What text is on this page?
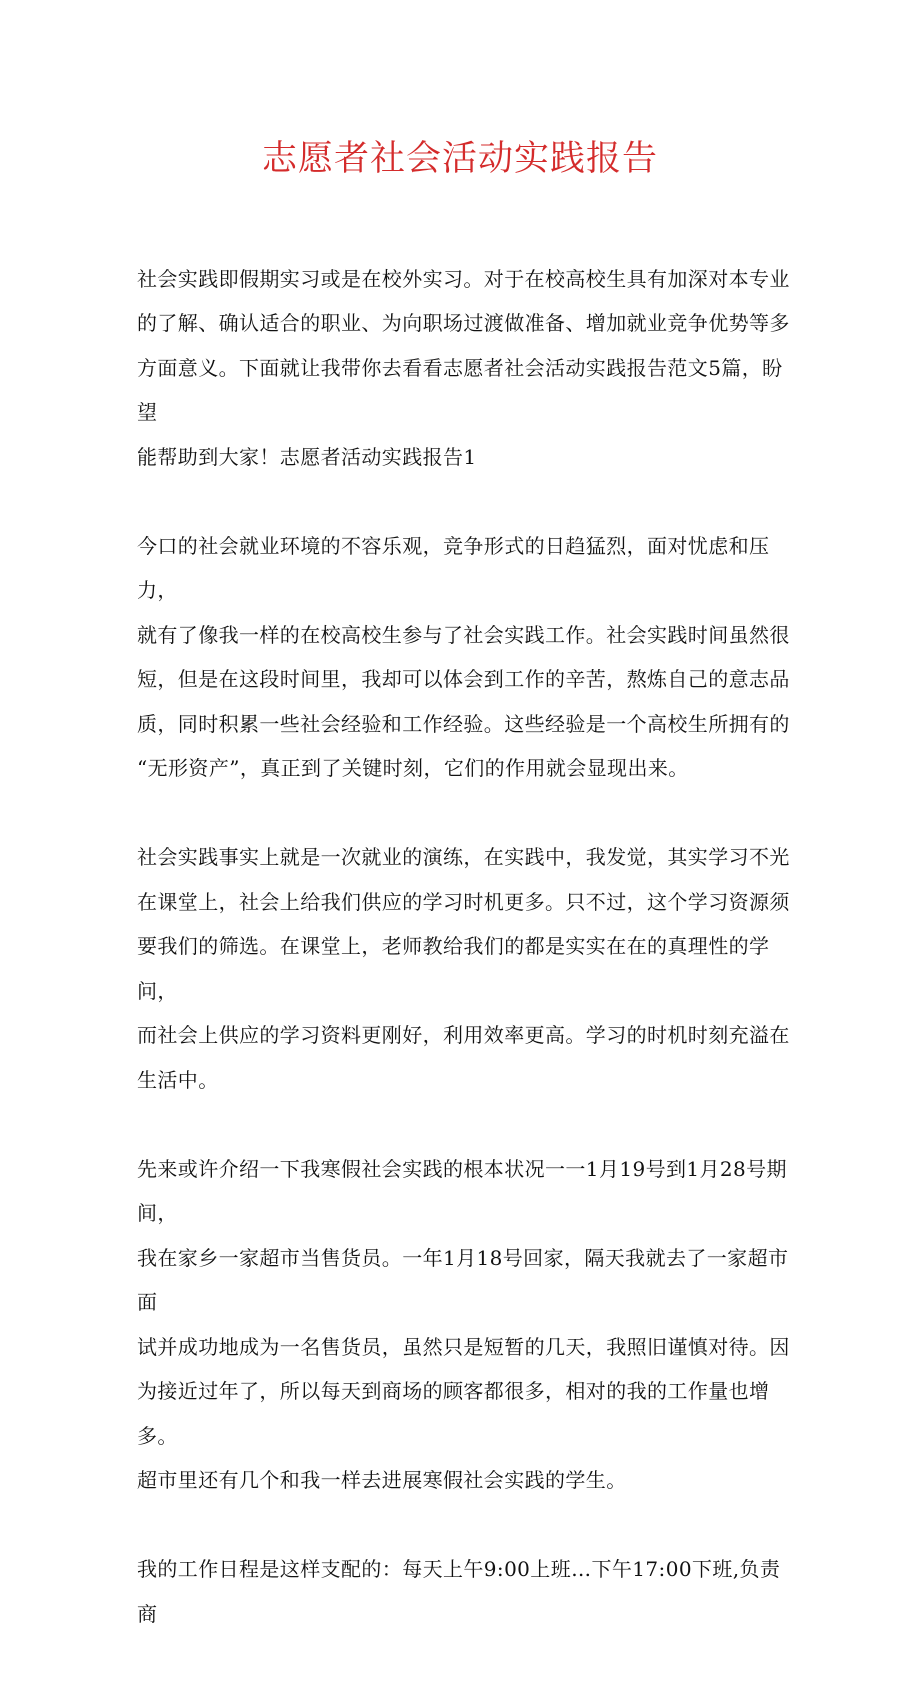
志愿者社会活动实践报告

社会实践即假期实习或是在校外实习。对于在校高校生具有加深对本专业
的了解、确认适合的职业、为向职场过渡做准备、增加就业竞争优势等多
方面意义。下面就让我带你去看看志愿者社会活动实践报告范文5篇，盼望
能帮助到大家！志愿者活动实践报告1

今口的社会就业环境的不容乐观，竞争形式的日趋猛烈，面对忧虑和压力，
就有了像我一样的在校高校生参与了社会实践工作。社会实践时间虽然很
短，但是在这段时间里，我却可以体会到工作的辛苦，熬炼自己的意志品
质，同时积累一些社会经验和工作经验。这些经验是一个高校生所拥有的
“无形资产”，真正到了关键时刻，它们的作用就会显现出来。

社会实践事实上就是一次就业的演练，在实践中，我发觉，其实学习不光
在课堂上，社会上给我们供应的学习时机更多。只不过，这个学习资源须
要我们的筛选。在课堂上，老师教给我们的都是实实在在的真理性的学问，
而社会上供应的学习资料更刚好，利用效率更高。学习的时机时刻充溢在
生活中。

先来或许介绍一下我寒假社会实践的根本状况一一1月19号到1月28号期间，
我在家乡一家超市当售货员。一年1月18号回家，隔天我就去了一家超市面
试并成功地成为一名售货员，虽然只是短暂的几天，我照旧谨慎对待。因
为接近过年了，所以每天到商场的顾客都很多，相对的我的工作量也增多。
超市里还有几个和我一样去进展寒假社会实践的学生。

我的工作日程是这样支配的：每天上午9:00上班…下午17:00下班,负责商
